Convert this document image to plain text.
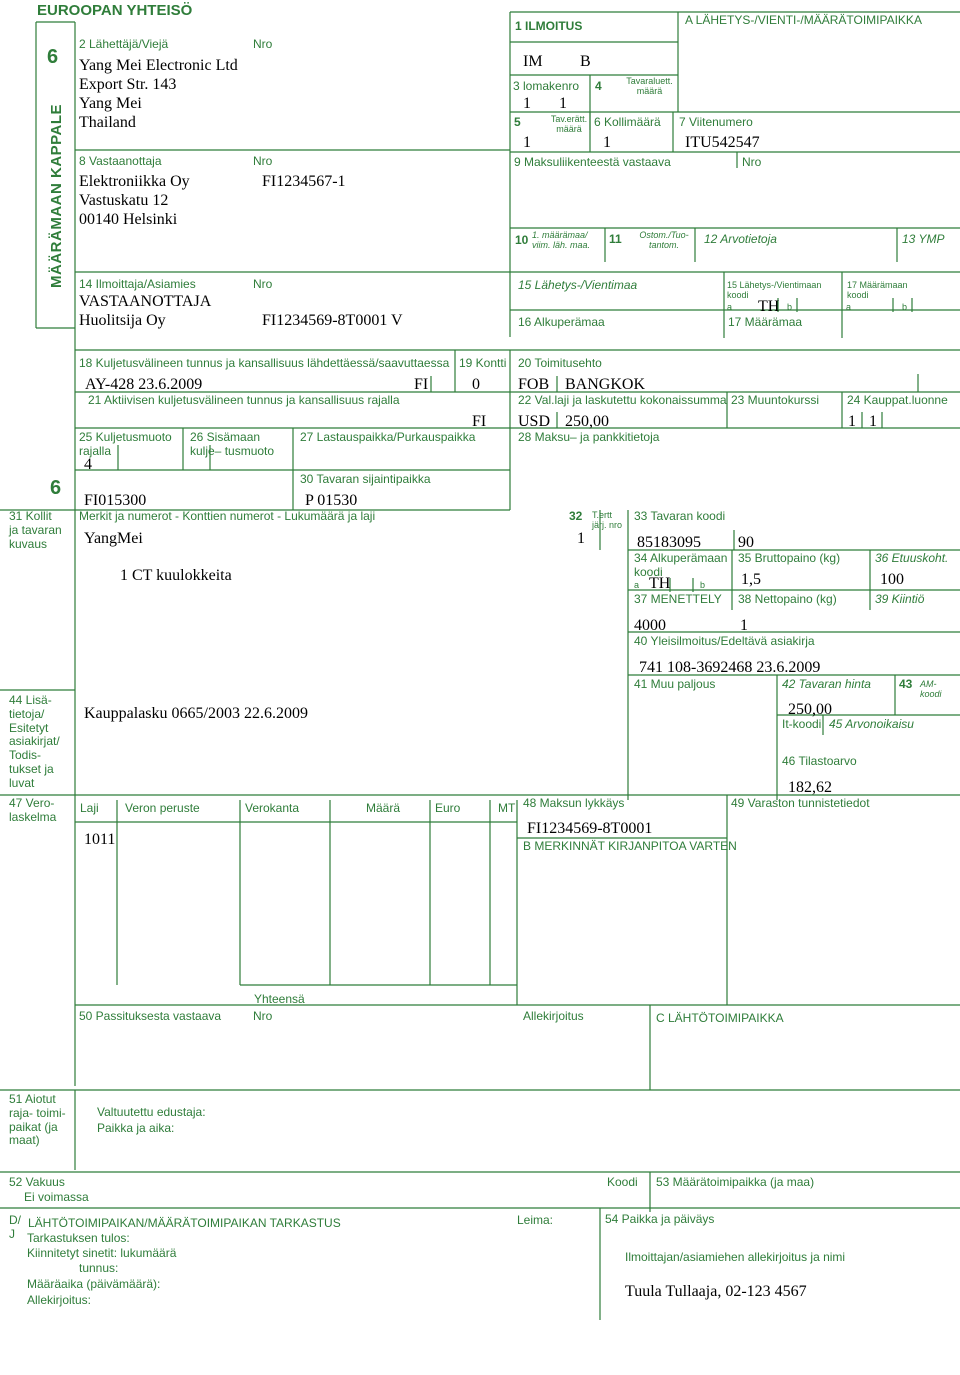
EUROOPAN YHTEISÖ
6
MÄÄRÄMAAN KAPPALE
2 Lähettäjä/Viejä	Nro
Yang Mei Electronic Ltd
Export Str. 143
Yang Mei
Thailand
1 ILMOITUS
IM B
A LÄHETYS-/VIENTI-/MÄÄRÄTOIMIPAIKKA
3 lomakenro
1 1
4	Tavaraluett. määrä
5	Tav.erätt. määrä
1
6 Kollimäärä
1
7 Viitenumero
ITU542547
8 Vastaanottaja	Nro
Elektroniikka Oy	FI1234567-1
Vastuskatu 12
00140 Helsinki
9 Maksuliikenteestä vastaava	Nro
10 1. määrämaa/ viim. läh. maa.	11	Ostom./Tuo- tantom.	12 Arvotietoja	13 YMP
14 Ilmoittaja/Asiamies	Nro
VASTAANOTTAJA
Huolitsija Oy	FI1234569-8T0001 V
15 Lähetys-/Vientimaa	15 Lähetys-/Vientimaan koodi
a	b
TH
16 Alkuperämaa
17 Määrämaan koodi
a	b
17 Määrämaa
18 Kuljetusvälineen tunnus ja kansallisuus lähdettäessä/saavuttaessa
AY-428 23.6.2009	FI
19 Kontti
0
20 Toimitusehto
FOB BANGKOK
21 Aktiivisen kuljetusvälineen tunnus ja kansallisuus rajalla
FI
22 Val.laji ja laskutettu kokonaissumma
USD 250,00
23 Muuntokurssi 24 Kauppat.luonne
1 1
25 Kuljetusmuoto rajalla
4
26 Sisämaan kulje– tusmuoto
27 Lastauspaikka/Purkauspaikka	28 Maksu– ja pankkitietoja
30 Tavaran sijaintipaikka
FI015300	P 01530
6
31 Kollit ja tavaran kuvaus
Merkit ja numerot - Konttien numerot - Lukumäärä ja laji
YangMei
1 CT kuulokkeita
32 T.ertt järj. nro
1
33 Tavaran koodi
85183095 90
34 Alkuperämaan koodi
a	b
TH
35 Bruttopaino (kg)
1,5
36 Etuuskoht.
100
37 MENETTELY
4000	1
38 Nettopaino (kg)	39 Kiintiö
40 Yleisilmoitus/Edeltävä asiakirja
741 108-3692468 23.6.2009
41 Muu paljous	42 Tavaran hinta
250,00
43 AM- koodi
44 Lisä- tietoja/ Esitetyt asiakirjat/ Todis- tukset ja luvat
Kauppalasku 0665/2003 22.6.2009
It-koodi 45 Arvonoikaisu
46 Tilastoarvo
182,62
47 Vero- laskelma
Laji Veron peruste	Verokanta	Määrä	Euro	MT
1011
Yhteensä
48 Maksun lykkäys
FI1234569-8T0001
49 Varaston tunnistetiedot
B MERKINNÄT KIRJANPITOA VARTEN
50 Passituksesta vastaava	Nro	Allekirjoitus	C LÄHTÖTOIMIPAIKKA
51 Aiotut raja- toimi- paikat (ja maat)
Valtuutettu edustaja:
Paikka ja aika:
52 Vakuus
Ei voimassa
Koodi 53 Määrätoimipaikka (ja maa)
D/ J
LÄHTÖTOIMIPAIKAN/MÄÄRÄTOIMIPAIKAN TARKASTUS
Tarkastuksen tulos:
Kiinnitetyt sinetit: lukumäärä
tunnus:
Määräaika (päivämäärä):
Allekirjoitus:
Leima:	54 Paikka ja päiväys
Ilmoittajan/asiamiehen allekirjoitus ja nimi
Tuula Tullaaja, 02-123 4567
